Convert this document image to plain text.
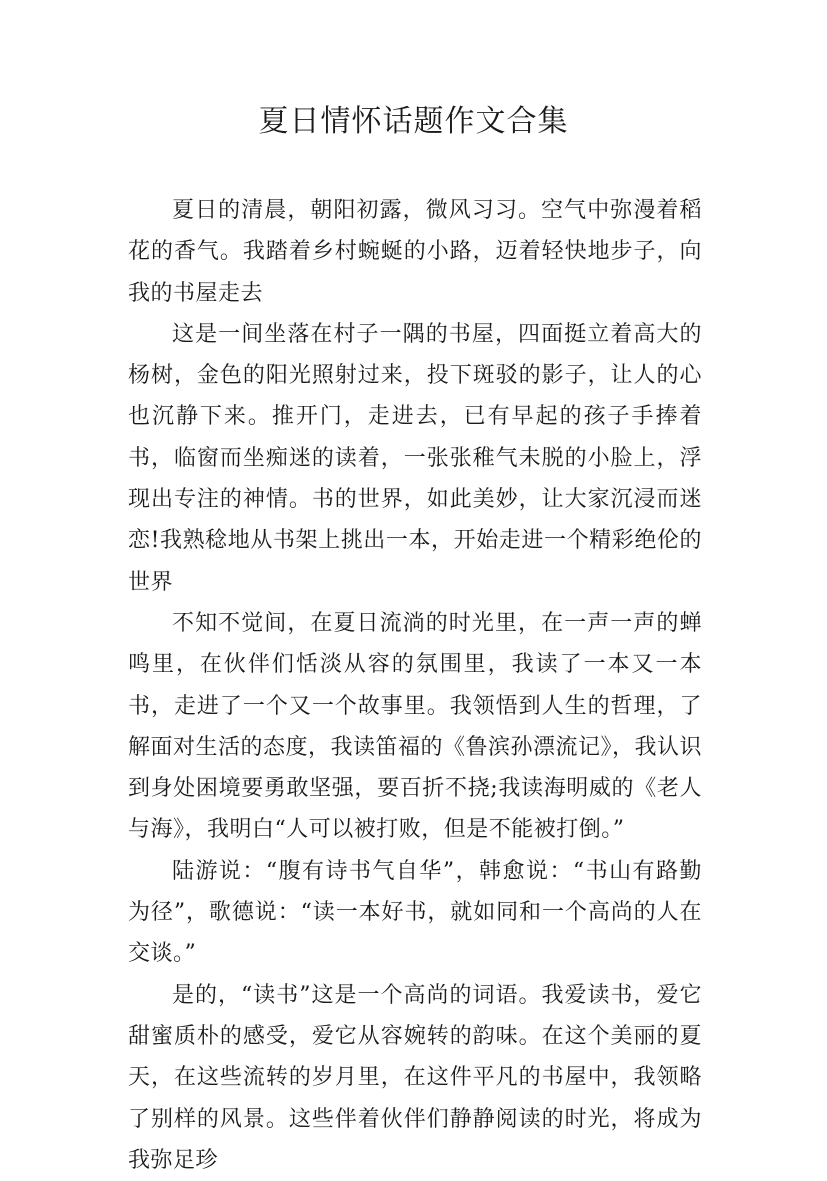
夏日情怀话题作文合集

夏日的清晨，朝阳初露，微风习习。空气中弥漫着稻花的香气。我踏着乡村蜿蜒的小路，迈着轻快地步子，向我的书屋走去

这是一间坐落在村子一隅的书屋，四面挺立着高大的杨树，金色的阳光照射过来，投下斑驳的影子，让人的心也沉静下来。推开门，走进去，已有早起的孩子手捧着书，临窗而坐痴迷的读着，一张张稚气未脱的小脸上，浮现出专注的神情。书的世界，如此美妙，让大家沉浸而迷恋!我熟稔地从书架上挑出一本，开始走进一个精彩绝伦的世界

不知不觉间，在夏日流淌的时光里，在一声一声的蝉鸣里，在伙伴们恬淡从容的氛围里，我读了一本又一本书，走进了一个又一个故事里。我领悟到人生的哲理，了解面对生活的态度，我读笛福的《鲁滨孙漂流记》，我认识到身处困境要勇敢坚强，要百折不挠;我读海明威的《老人与海》，我明白“人可以被打败，但是不能被打倒。”

陆游说：“腹有诗书气自华”，韩愈说：“书山有路勤为径”，歌德说：“读一本好书，就如同和一个高尚的人在交谈。”

是的，“读书”这是一个高尚的词语。我爱读书，爱它甜蜜质朴的感受，爱它从容婉转的韵味。在这个美丽的夏天，在这些流转的岁月里，在这件平凡的书屋中，我领略了别样的风景。这些伴着伙伴们静静阅读的时光，将成为我弥足珍
